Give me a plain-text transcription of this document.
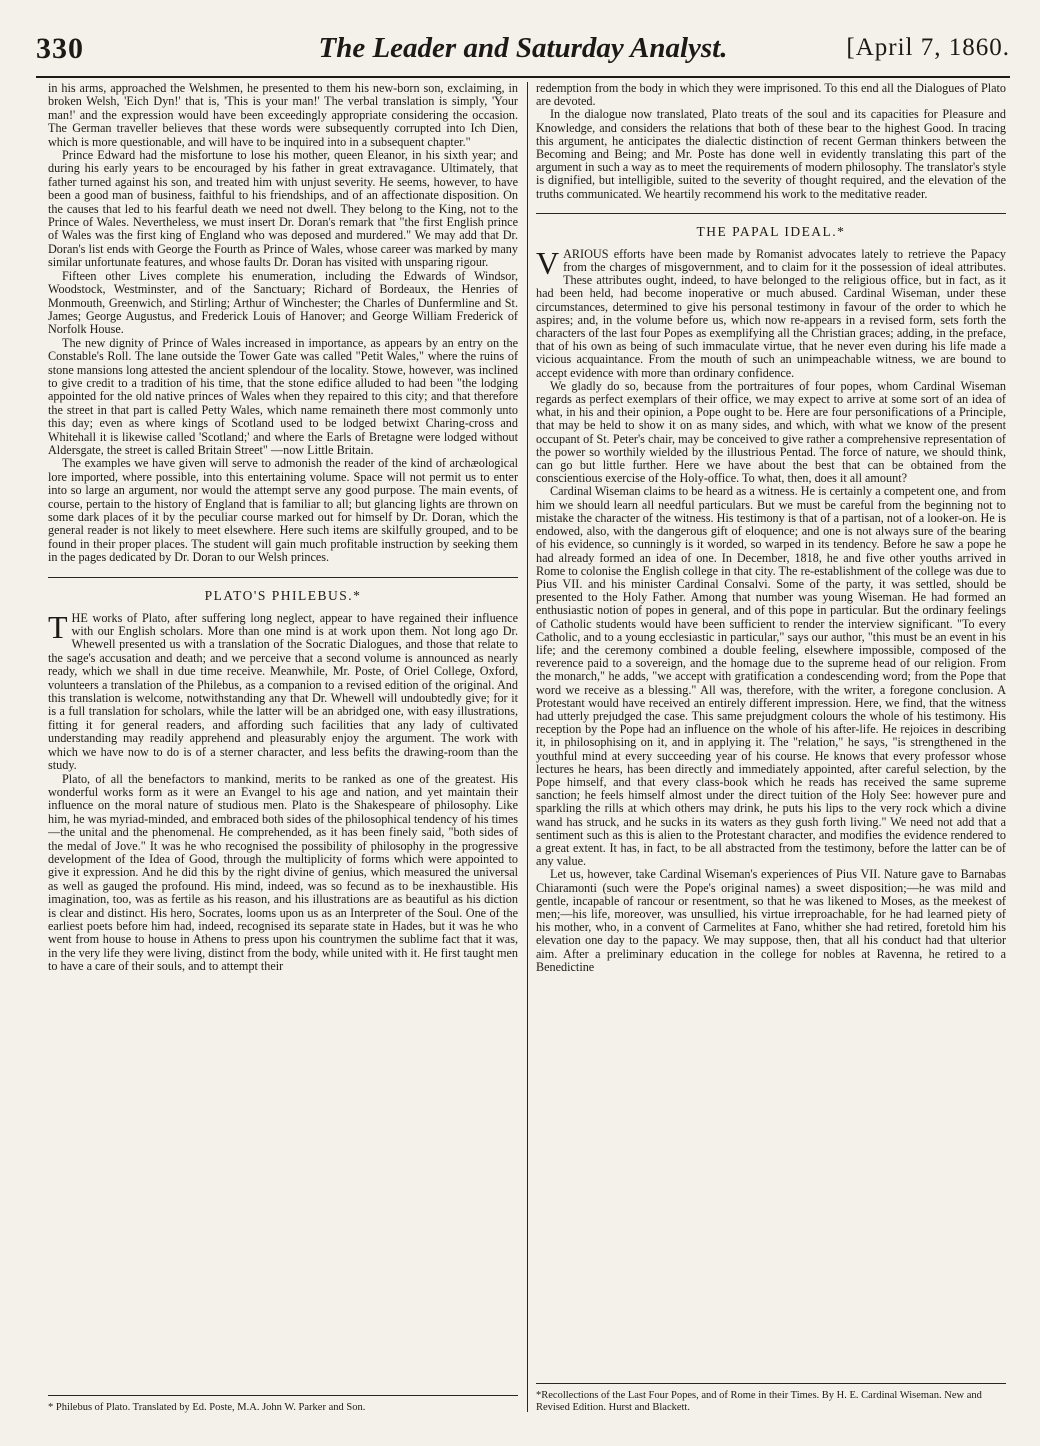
330	The Leader and Saturday Analyst.	[April 7, 1860.

in his arms, approached the Welshmen, he presented to them his new-born son, exclaiming, in broken Welsh, 'Eich Dyn!' that is, 'This is your man!' The verbal translation is simply, 'Your man!' and the expression would have been exceedingly appropriate considering the occasion. The German traveller believes that these words were subsequently corrupted into Ich Dien, which is more questionable, and will have to be inquired into in a subsequent chapter."

Prince Edward had the misfortune to lose his mother, queen Eleanor, in his sixth year; and during his early years to be encouraged by his father in great extravagance. Ultimately, that father turned against his son, and treated him with unjust severity. He seems, however, to have been a good man of business, faithful to his friendships, and of an affectionate disposition. On the causes that led to his fearful death we need not dwell. They belong to the King, not to the Prince of Wales. Nevertheless, we must insert Dr. Doran's remark that "the first English prince of Wales was the first king of England who was deposed and murdered." We may add that Dr. Doran's list ends with George the Fourth as Prince of Wales, whose career was marked by many similar unfortunate features, and whose faults Dr. Doran has visited with unsparing rigour.

Fifteen other Lives complete his enumeration, including the Edwards of Windsor, Woodstock, Westminster, and of the Sanctuary; Richard of Bordeaux, the Henries of Monmouth, Greenwich, and Stirling; Arthur of Winchester; the Charles of Dunfermline and St. James; George Augustus, and Frederick Louis of Hanover; and George William Frederick of Norfolk House.

The new dignity of Prince of Wales increased in importance, as appears by an entry on the Constable's Roll. The lane outside the Tower Gate was called "Petit Wales," where the ruins of stone mansions long attested the ancient splendour of the locality. Stowe, however, was inclined to give credit to a tradition of his time, that the stone edifice alluded to had been "the lodging appointed for the old native princes of Wales when they repaired to this city; and that therefore the street in that part is called Petty Wales, which name remaineth there most commonly unto this day; even as where kings of Scotland used to be lodged betwixt Charing-cross and Whitehall it is likewise called 'Scotland;' and where the Earls of Bretagne were lodged without Aldersgate, the street is called Britain Street" —now Little Britain.

The examples we have given will serve to admonish the reader of the kind of archæological lore imported, where possible, into this entertaining volume. Space will not permit us to enter into so large an argument, nor would the attempt serve any good purpose. The main events, of course, pertain to the history of England that is familiar to all; but glancing lights are thrown on some dark places of it by the peculiar course marked out for himself by Dr. Doran, which the general reader is not likely to meet elsewhere. Here such items are skilfully grouped, and to be found in their proper places. The student will gain much profitable instruction by seeking them in the pages dedicated by Dr. Doran to our Welsh princes.

PLATO'S PHILEBUS.*

THE works of Plato, after suffering long neglect, appear to have regained their influence with our English scholars. More than one mind is at work upon them. Not long ago Dr. Whewell presented us with a translation of the Socratic Dialogues, and those that relate to the sage's accusation and death; and we perceive that a second volume is announced as nearly ready, which we shall in due time receive. Meanwhile, Mr. Poste, of Oriel College, Oxford, volunteers a translation of the Philebus, as a companion to a revised edition of the original. And this translation is welcome, notwithstanding any that Dr. Whewell will undoubtedly give; for it is a full translation for scholars, while the latter will be an abridged one, with easy illustrations, fitting it for general readers, and affording such facilities that any lady of cultivated understanding may readily apprehend and pleasurably enjoy the argument. The work with which we have now to do is of a sterner character, and less befits the drawing-room than the study.

Plato, of all the benefactors to mankind, merits to be ranked as one of the greatest. His wonderful works form as it were an Evangel to his age and nation, and yet maintain their influence on the moral nature of studious men. Plato is the Shakespeare of philosophy. Like him, he was myriad-minded, and embraced both sides of the philosophical tendency of his times—the unital and the phenomenal. He comprehended, as it has been finely said, "both sides of the medal of Jove." It was he who recognised the possibility of philosophy in the progressive development of the Idea of Good, through the multiplicity of forms which were appointed to give it expression. And he did this by the right divine of genius, which measured the universal as well as gauged the profound. His mind, indeed, was so fecund as to be inexhaustible. His imagination, too, was as fertile as his reason, and his illustrations are as beautiful as his diction is clear and distinct. His hero, Socrates, looms upon us as an Interpreter of the Soul. One of the earliest poets before him had, indeed, recognised its separate state in Hades, but it was he who went from house to house in Athens to press upon his countrymen the sublime fact that it was, in the very life they were living, distinct from the body, while united with it. He first taught men to have a care of their souls, and to attempt their

* Philebus of Plato. Translated by Ed. Poste, M.A. John W. Parker and Son.

redemption from the body in which they were imprisoned. To this end all the Dialogues of Plato are devoted.

In the dialogue now translated, Plato treats of the soul and its capacities for Pleasure and Knowledge, and considers the relations that both of these bear to the highest Good. In tracing this argument, he anticipates the dialectic distinction of recent German thinkers between the Becoming and Being; and Mr. Poste has done well in evidently translating this part of the argument in such a way as to meet the requirements of modern philosophy. The translator's style is dignified, but intelligible, suited to the severity of thought required, and the elevation of the truths communicated. We heartily recommend his work to the meditative reader.

THE PAPAL IDEAL.*

VARIOUS efforts have been made by Romanist advocates lately to retrieve the Papacy from the charges of misgovernment, and to claim for it the possession of ideal attributes. These attributes ought, indeed, to have belonged to the religious office, but in fact, as it had been held, had become inoperative or much abused. Cardinal Wiseman, under these circumstances, determined to give his personal testimony in favour of the order to which he aspires; and, in the volume before us, which now re-appears in a revised form, sets forth the characters of the last four Popes as exemplifying all the Christian graces; adding, in the preface, that of his own as being of such immaculate virtue, that he never even during his life made a vicious acquaintance. From the mouth of such an unimpeachable witness, we are bound to accept evidence with more than ordinary confidence.

We gladly do so, because from the portraitures of four popes, whom Cardinal Wiseman regards as perfect exemplars of their office, we may expect to arrive at some sort of an idea of what, in his and their opinion, a Pope ought to be. Here are four personifications of a Principle, that may be held to show it on as many sides, and which, with what we know of the present occupant of St. Peter's chair, may be conceived to give rather a comprehensive representation of the power so worthily wielded by the illustrious Pentad. The force of nature, we should think, can go but little further. Here we have about the best that can be obtained from the conscientious exercise of the Holy-office. To what, then, does it all amount?

Cardinal Wiseman claims to be heard as a witness. He is certainly a competent one, and from him we should learn all needful particulars. But we must be careful from the beginning not to mistake the character of the witness. His testimony is that of a partisan, not of a looker-on. He is endowed, also, with the dangerous gift of eloquence; and one is not always sure of the bearing of his evidence, so cunningly is it worded, so warped in its tendency. Before he saw a pope he had already formed an idea of one. In December, 1818, he and five other youths arrived in Rome to colonise the English college in that city. The re-establishment of the college was due to Pius VII. and his minister Cardinal Consalvi. Some of the party, it was settled, should be presented to the Holy Father. Among that number was young Wiseman. He had formed an enthusiastic notion of popes in general, and of this pope in particular. But the ordinary feelings of Catholic students would have been sufficient to render the interview significant. "To every Catholic, and to a young ecclesiastic in particular," says our author, "this must be an event in his life; and the ceremony combined a double feeling, elsewhere impossible, composed of the reverence paid to a sovereign, and the homage due to the supreme head of our religion. From the monarch," he adds, "we accept with gratification a condescending word; from the Pope that word we receive as a blessing." All was, therefore, with the writer, a foregone conclusion. A Protestant would have received an entirely different impression. Here, we find, that the witness had utterly prejudged the case. This same prejudgment colours the whole of his testimony. His reception by the Pope had an influence on the whole of his after-life. He rejoices in describing it, in philosophising on it, and in applying it. The "relation," he says, "is strengthened in the youthful mind at every succeeding year of his course. He knows that every professor whose lectures he hears, has been directly and immediately appointed, after careful selection, by the Pope himself, and that every class-book which he reads has received the same supreme sanction; he feels himself almost under the direct tuition of the Holy See: however pure and sparkling the rills at which others may drink, he puts his lips to the very rock which a divine wand has struck, and he sucks in its waters as they gush forth living." We need not add that a sentiment such as this is alien to the Protestant character, and modifies the evidence rendered to a great extent. It has, in fact, to be all abstracted from the testimony, before the latter can be of any value.

Let us, however, take Cardinal Wiseman's experiences of Pius VII. Nature gave to Barnabas Chiaramonti (such were the Pope's original names) a sweet disposition;—he was mild and gentle, incapable of rancour or resentment, so that he was likened to Moses, as the meekest of men;—his life, moreover, was unsullied, his virtue irreproachable, for he had learned piety of his mother, who, in a convent of Carmelites at Fano, whither she had retired, foretold him his elevation one day to the papacy. We may suppose, then, that all his conduct had that ulterior aim. After a preliminary education in the college for nobles at Ravenna, he retired to a Benedictine

*Recollections of the Last Four Popes, and of Rome in their Times. By H. E. Cardinal Wiseman. New and Revised Edition. Hurst and Blackett.
